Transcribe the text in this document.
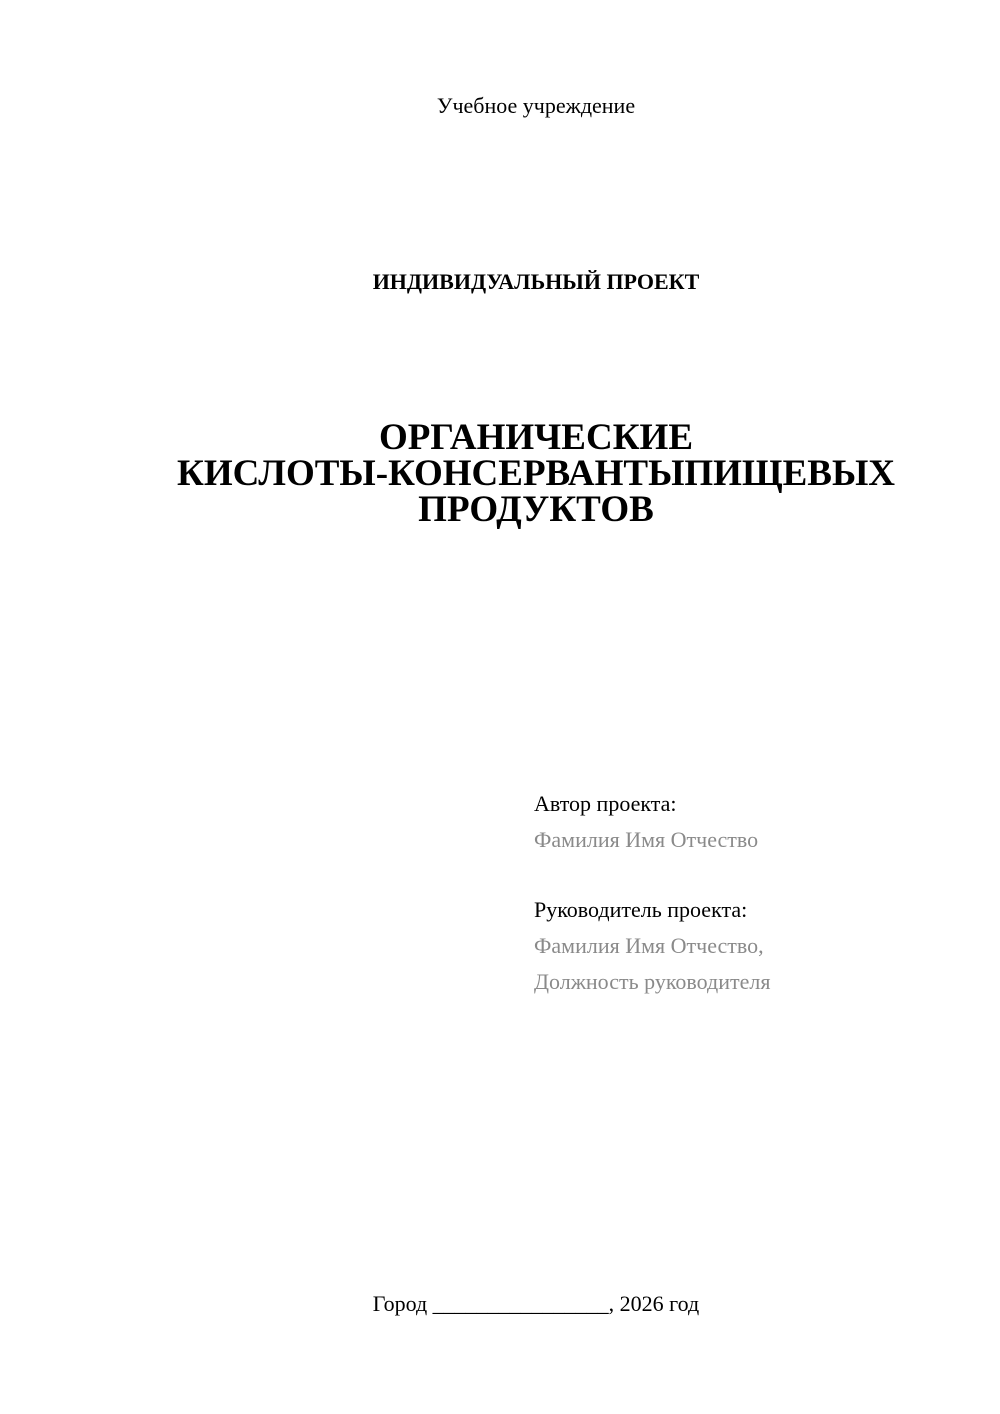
Учебное учреждение
ИНДИВИДУАЛЬНЫЙ ПРОЕКТ
ОРГАНИЧЕСКИЕ
КИСЛОТЫ-КОНСЕРВАНТЫПИЩЕВЫХ
ПРОДУКТОВ
Автор проекта:
Фамилия Имя Отчество
Руководитель проекта:
Фамилия Имя Отчество,
Должность руководителя
Город ________________, 2026 год
